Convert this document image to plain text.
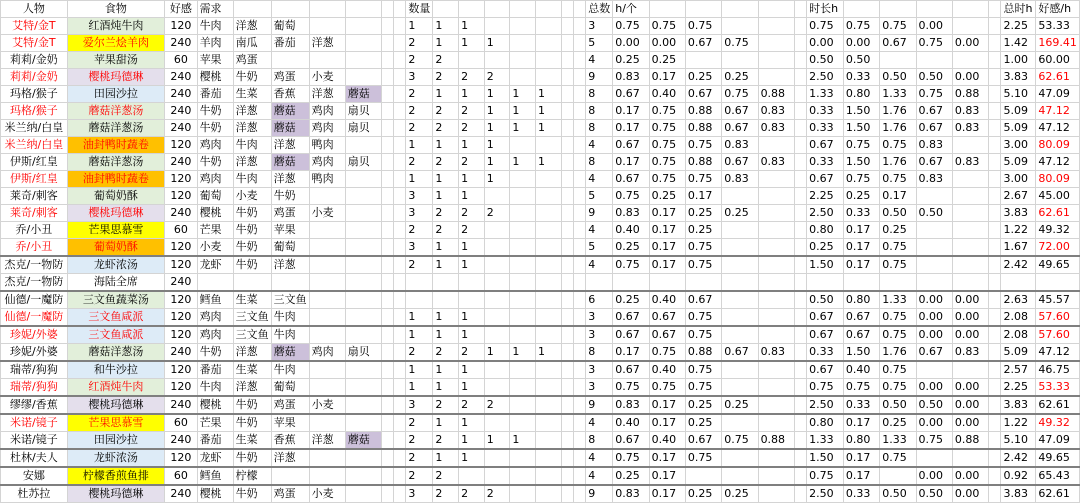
人物	食物	好感	需求							数量								总数	h/个						时长h						总时h	好感/h
艾特/金T	红酒炖牛肉	120	牛肉	洋葱	葡萄					1	1	1						3	0.75	0.75	0.75				0.75	0.75	0.75	0.00			2.25	53.33
艾特/金T	爱尔兰烩羊肉	240	羊肉	南瓜	番茄	洋葱				2	1	1	1					5	0.00	0.00	0.67	0.75			0.00	0.00	0.67	0.75	0.00		1.42	169.41
莉莉/金奶	苹果甜汤	60	苹果	鸡蛋						2	2							4	0.25	0.25					0.50	0.50					1.00	60.00
莉莉/金奶	樱桃玛德琳	240	樱桃	牛奶	鸡蛋	小麦				3	2	2	2					9	0.83	0.17	0.25	0.25			2.50	0.33	0.50	0.50	0.00		3.83	62.61
玛格/猴子	田园沙拉	240	番茄	生菜	香蕉	洋葱	蘑菇			2	1	1	1	1	1			8	0.67	0.40	0.67	0.75	0.88		1.33	0.80	1.33	0.75	0.88		5.10	47.09
玛格/猴子	蘑菇洋葱汤	240	牛奶	洋葱	蘑菇	鸡肉	扇贝			2	2	2	1	1	1			8	0.17	0.75	0.88	0.67	0.83		0.33	1.50	1.76	0.67	0.83		5.09	47.12
米兰纳/白皇	蘑菇洋葱汤	240	牛奶	洋葱	蘑菇	鸡肉	扇贝			2	2	2	1	1	1			8	0.17	0.75	0.88	0.67	0.83		0.33	1.50	1.76	0.67	0.83		5.09	47.12
米兰纳/白皇	油封鸭时蔬卷	120	鸡肉	牛肉	洋葱	鸭肉				1	1	1	1					4	0.67	0.75	0.75	0.83			0.67	0.75	0.75	0.83			3.00	80.09
伊斯/红皇	蘑菇洋葱汤	240	牛奶	洋葱	蘑菇	鸡肉	扇贝			2	2	2	1	1	1			8	0.17	0.75	0.88	0.67	0.83		0.33	1.50	1.76	0.67	0.83		5.09	47.12
伊斯/红皇	油封鸭时蔬卷	120	鸡肉	牛肉	洋葱	鸭肉				1	1	1	1					4	0.67	0.75	0.75	0.83			0.67	0.75	0.75	0.83			3.00	80.09
莱奇/刺客	葡萄奶酥	120	葡萄	小麦	牛奶					3	1	1						5	0.75	0.25	0.17				2.25	0.25	0.17				2.67	45.00
莱奇/刺客	樱桃玛德琳	240	樱桃	牛奶	鸡蛋	小麦				3	2	2	2					9	0.83	0.17	0.25	0.25			2.50	0.33	0.50	0.50			3.83	62.61
乔/小丑	芒果思慕雪	60	芒果	牛奶	苹果					2	2	2						4	0.40	0.17	0.25				0.80	0.17	0.25				1.22	49.32
乔/小丑	葡萄奶酥	120	小麦	牛奶	葡萄					3	1	1						5	0.25	0.17	0.75				0.25	0.17	0.75				1.67	72.00
杰克/一物防	龙虾浓汤	120	龙虾	牛奶	洋葱					2	1	1						4	0.75	0.17	0.75				1.50	0.17	0.75				2.42	49.65
杰克/一物防	海陆全席	240																														
仙德/一魔防	三文鱼蔬菜汤	120	鳕鱼	生菜	三文鱼													6	0.25	0.40	0.67				0.50	0.80	1.33	0.00	0.00		2.63	45.57
仙德/一魔防	三文鱼咸派	120	鸡肉	三文鱼	牛肉					1	1	1						3	0.67	0.67	0.75				0.67	0.67	0.75	0.00	0.00		2.08	57.60
珍妮/外婆	三文鱼咸派	120	鸡肉	三文鱼	牛肉					1	1	1						3	0.67	0.67	0.75				0.67	0.67	0.75	0.00	0.00		2.08	57.60
珍妮/外婆	蘑菇洋葱汤	240	牛奶	洋葱	蘑菇	鸡肉	扇贝			2	2	2	1	1	1			8	0.17	0.75	0.88	0.67	0.83		0.33	1.50	1.76	0.67	0.83		5.09	47.12
瑞蒂/狗狗	和牛沙拉	120	番茄	生菜	牛肉					1	1	1						3	0.67	0.40	0.75				0.67	0.40	0.75				2.57	46.75
瑞蒂/狗狗	红酒炖牛肉	120	牛肉	洋葱	葡萄					1	1	1						3	0.75	0.75	0.75				0.75	0.75	0.75	0.00	0.00		2.25	53.33
缪缪/香蕉	樱桃玛德琳	240	樱桃	牛奶	鸡蛋	小麦				3	2	2	2					9	0.83	0.17	0.25	0.25			2.50	0.33	0.50	0.50	0.00		3.83	62.61
米诺/镜子	芒果思慕雪	60	芒果	牛奶	苹果					2	1	1						4	0.40	0.17	0.25				0.80	0.17	0.25	0.00	0.00		1.22	49.32
米诺/镜子	田园沙拉	240	番茄	生菜	香蕉	洋葱	蘑菇			2	2	1	1	1				8	0.67	0.40	0.67	0.75	0.88		1.33	0.80	1.33	0.75	0.88		5.10	47.09
杜林/夫人	龙虾浓汤	120	龙虾	牛奶	洋葱					2	1	1						4	0.75	0.17	0.75				1.50	0.17	0.75				2.42	49.65
安娜	柠檬香煎鱼排	60	鳕鱼	柠檬						2	2							4	0.25	0.17					0.75	0.17		0.00	0.00		0.92	65.43
杜苏拉	樱桃玛德琳	240	樱桃	牛奶	鸡蛋	小麦				3	2	2	2					9	0.83	0.17	0.25	0.25			2.50	0.33	0.50	0.50	0.00		3.83	62.61
